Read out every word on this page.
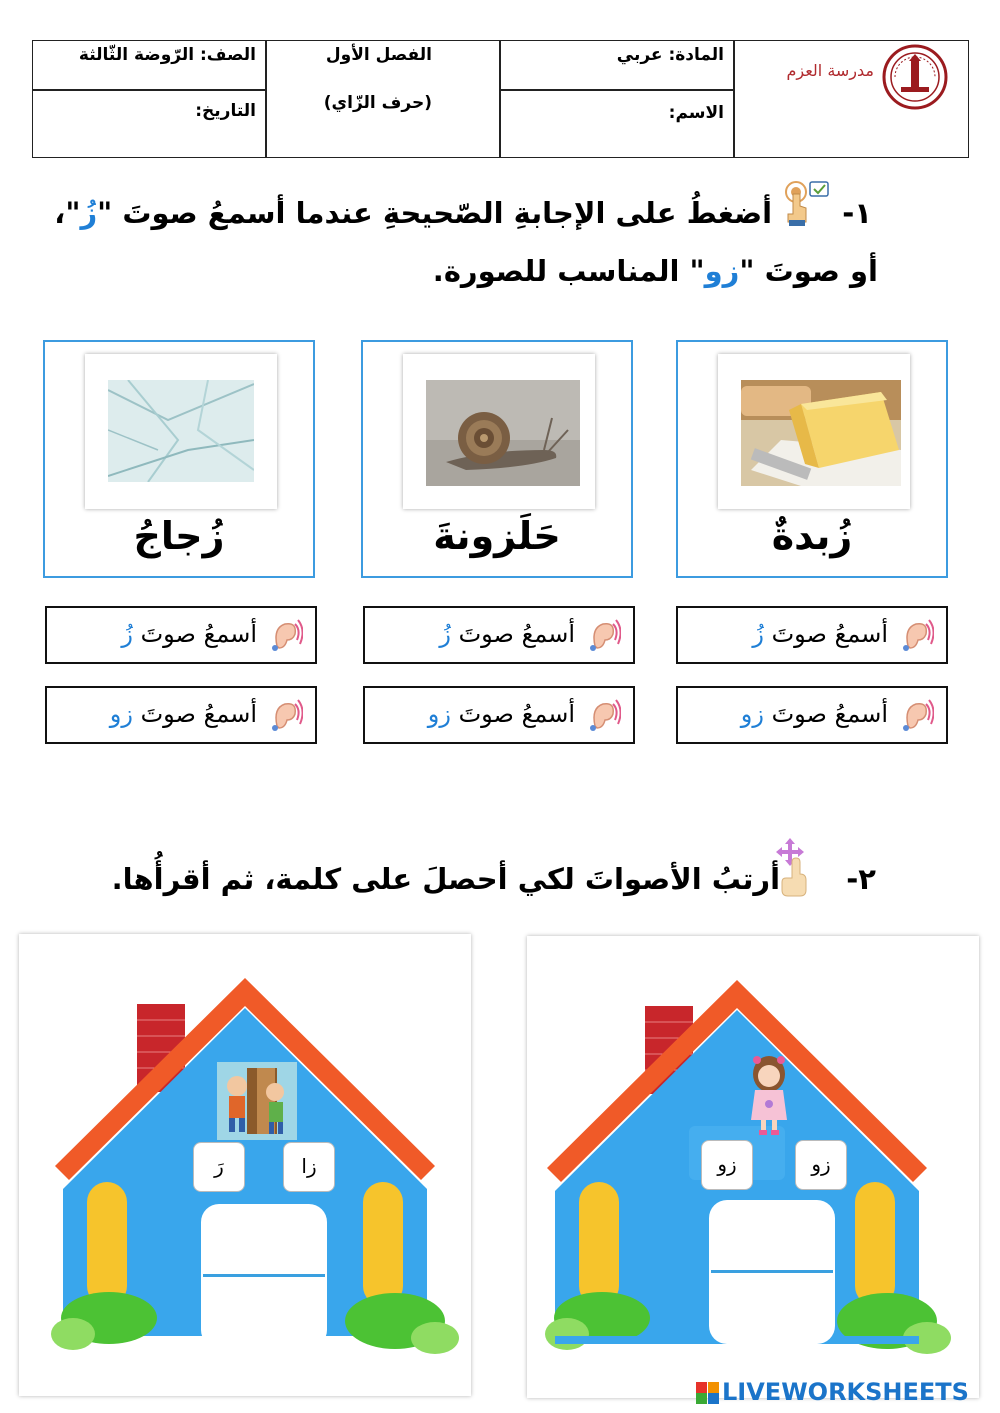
مدرسة العزم
المادة: عربي
الاسم:
الفصل الأول
(حرف الزّاي)
الصف: الرّوضة الثّالثة
التاريخ:
١-  أضغطُ على الإجابةِ الصّحيحةِ عندما أسمعُ صوتَ "زُ"،
أو صوتَ "زو" المناسب للصورة.
زُبدةٌ
حَلَزونةَ
زُجاجُ
أسمعُ صوتَ زُ
أسمعُ صوتَ زُ
أسمعُ صوتَ زُ
أسمعُ صوتَ زو
أسمعُ صوتَ زو
أسمعُ صوتَ زو
٢-  أرتبُ الأصواتَ لكي أحصلَ على كلمة، ثم أقرأُها.
زو
زو
زا
رَ

LIVEWORKSHEETS
